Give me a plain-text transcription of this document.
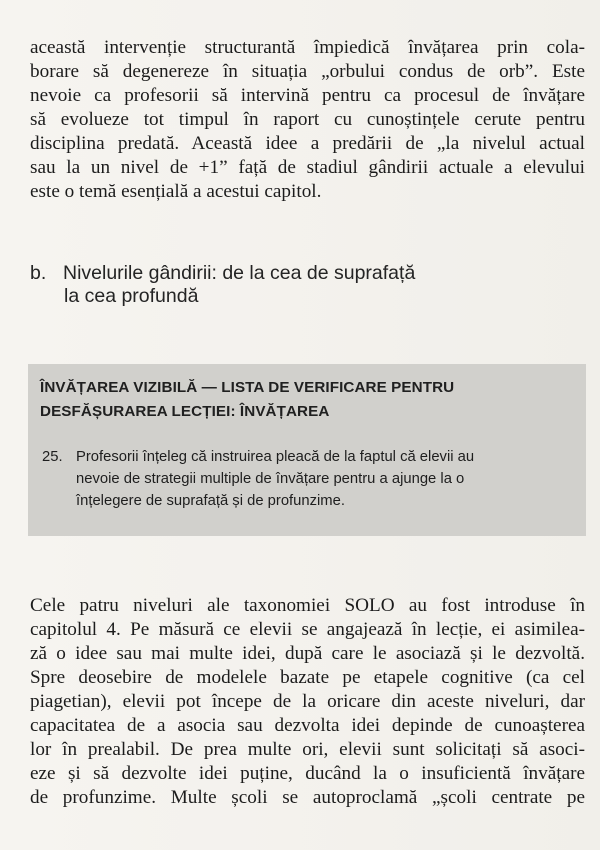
această intervenție structurantă împiedică învățarea prin cola-
borare să degenereze în situația „orbului condus de orb”. Este
nevoie ca profesorii să intervină pentru ca procesul de învățare
să evolueze tot timpul în raport cu cunoștințele cerute pentru
disciplina predată. Această idee a predării de „la nivelul actual
sau la un nivel de +1” față de stadiul gândirii actuale a elevului
este o temă esențială a acestui capitol.
b. Nivelurile gândirii: de la cea de suprafață
la cea profundă
ÎNVĂȚAREA VIZIBILĂ — LISTA DE VERIFICARE PENTRU
DESFĂȘURAREA LECȚIEI: ÎNVĂȚAREA
25. Profesorii înțeleg că instruirea pleacă de la faptul că elevii au
nevoie de strategii multiple de învățare pentru a ajunge la o
înțelegere de suprafață și de profunzime.
Cele patru niveluri ale taxonomiei SOLO au fost introduse în
capitolul 4. Pe măsură ce elevii se angajează în lecție, ei asimilea-
ză o idee sau mai multe idei, după care le asociază și le dezvoltă.
Spre deosebire de modelele bazate pe etapele cognitive (ca cel
piagetian), elevii pot începe de la oricare din aceste niveluri, dar
capacitatea de a asocia sau dezvolta idei depinde de cunoașterea
lor în prealabil. De prea multe ori, elevii sunt solicitați să asoci-
eze și să dezvolte idei puține, ducând la o insuficientă învățare
de profunzime. Multe școli se autoproclamă „școli centrate pe
